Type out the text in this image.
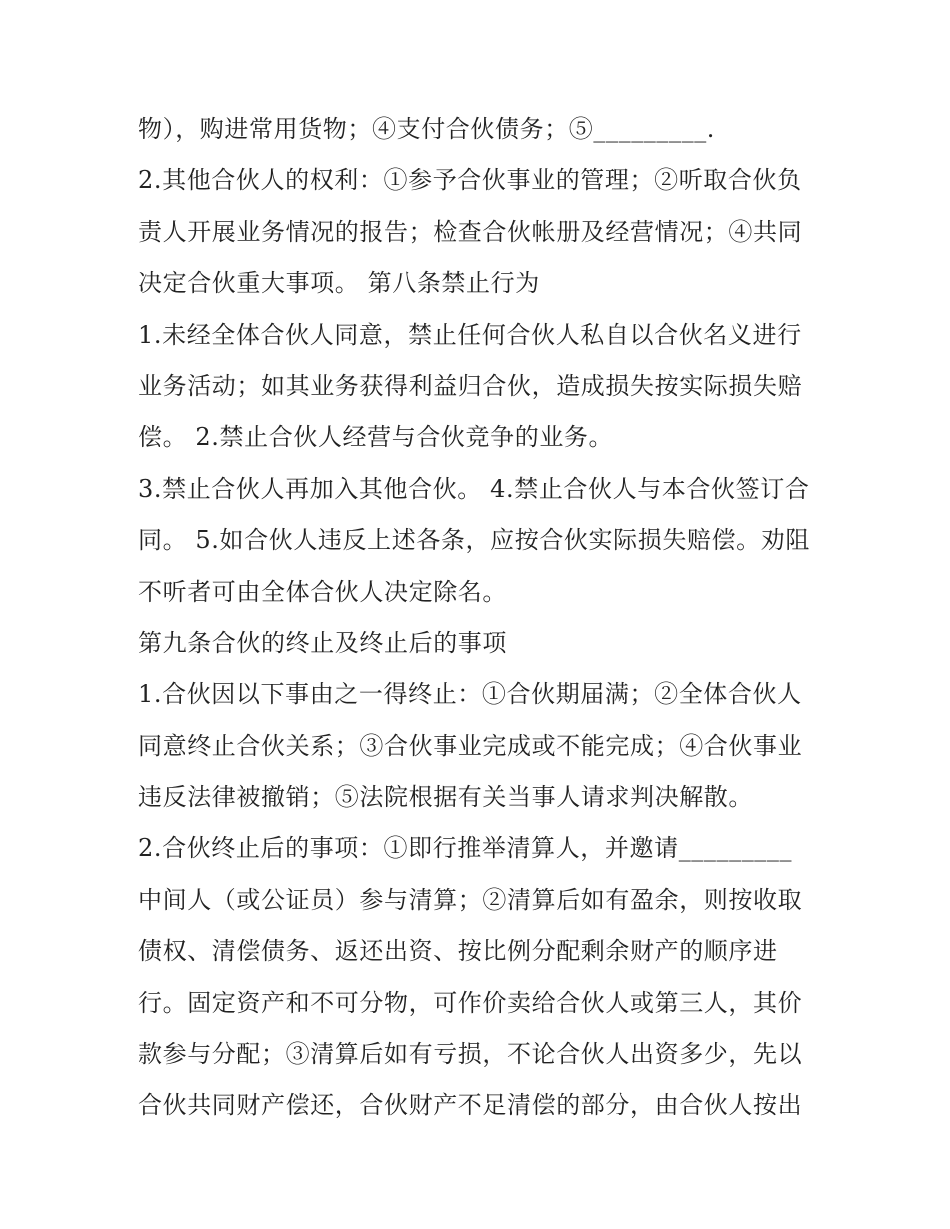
物），购进常用货物；④支付合伙债务；⑤_________.

2.其他合伙人的权利：①参予合伙事业的管理；②听取合伙负

责人开展业务情况的报告；检查合伙帐册及经营情况；④共同

决定合伙重大事项。 第八条禁止行为

1.未经全体合伙人同意，禁止任何合伙人私自以合伙名义进行

业务活动；如其业务获得利益归合伙，造成损失按实际损失赔

偿。 2.禁止合伙人经营与合伙竞争的业务。

3.禁止合伙人再加入其他合伙。 4.禁止合伙人与本合伙签订合

同。 5.如合伙人违反上述各条，应按合伙实际损失赔偿。劝阻

不听者可由全体合伙人决定除名。

第九条合伙的终止及终止后的事项

1.合伙因以下事由之一得终止：①合伙期届满；②全体合伙人

同意终止合伙关系；③合伙事业完成或不能完成；④合伙事业

违反法律被撤销；⑤法院根据有关当事人请求判决解散。

2.合伙终止后的事项：①即行推举清算人，并邀请_________

中间人（或公证员）参与清算；②清算后如有盈余，则按收取

债权、清偿债务、返还出资、按比例分配剩余财产的顺序进

行。固定资产和不可分物，可作价卖给合伙人或第三人，其价

款参与分配；③清算后如有亏损，不论合伙人出资多少，先以

合伙共同财产偿还，合伙财产不足清偿的部分，由合伙人按出
